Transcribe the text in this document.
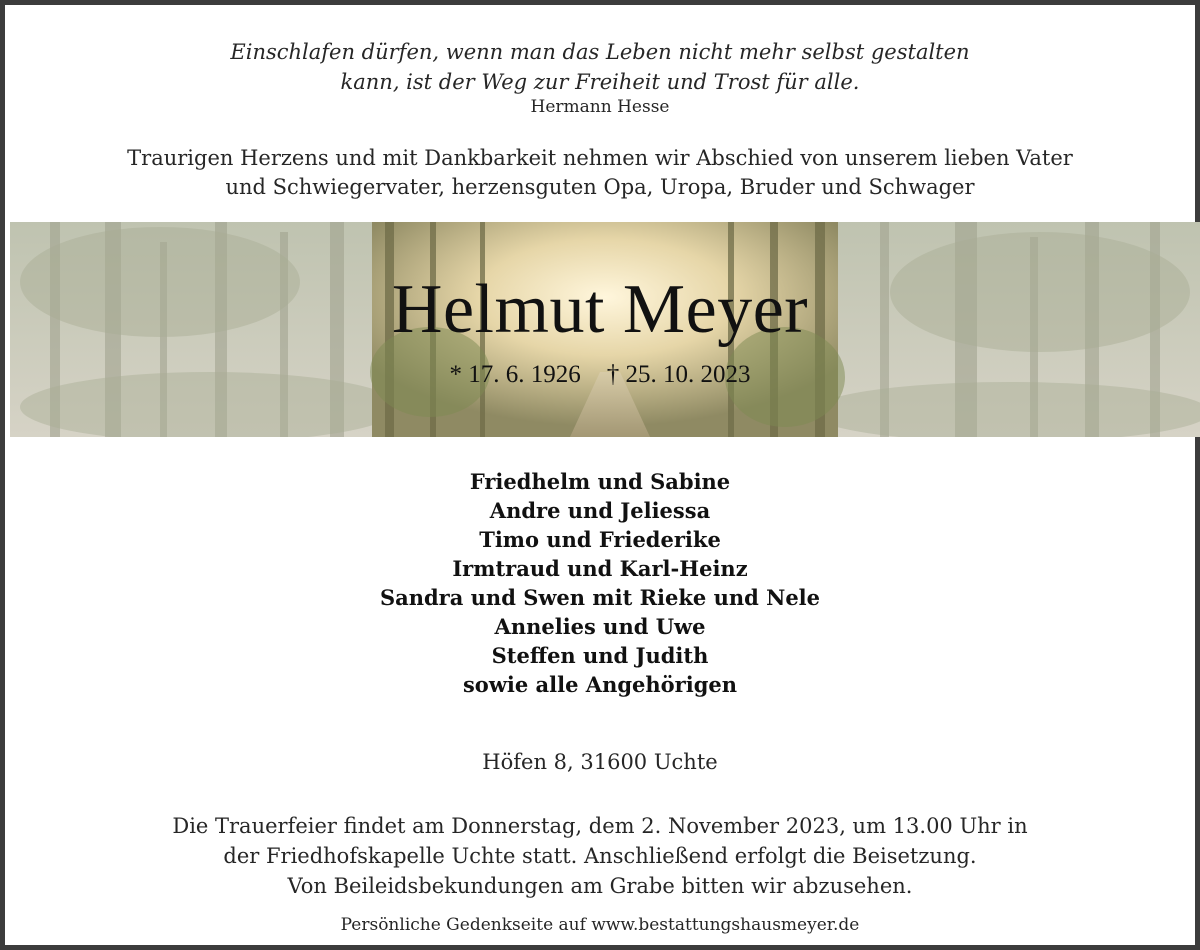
Einschlafen dürfen, wenn man das Leben nicht mehr selbst gestalten
kann, ist der Weg zur Freiheit und Trost für alle.
Hermann Hesse
Traurigen Herzens und mit Dankbarkeit nehmen wir Abschied von unserem lieben Vater
und Schwiegervater, herzensguten Opa, Uropa, Bruder und Schwager
Helmut Meyer
* 17. 6. 1926 † 25. 10. 2023
Friedhelm und Sabine
Andre und Jeliessa
Timo und Friederike
Irmtraud und Karl-Heinz
Sandra und Swen mit Rieke und Nele
Annelies und Uwe
Steffen und Judith
sowie alle Angehörigen
Höfen 8, 31600 Uchte
Die Trauerfeier findet am Donnerstag, dem 2. November 2023, um 13.00 Uhr in
der Friedhofskapelle Uchte statt. Anschließend erfolgt die Beisetzung.
Von Beileidsbekundungen am Grabe bitten wir abzusehen.
Persönliche Gedenkseite auf www.bestattungshausmeyer.de
